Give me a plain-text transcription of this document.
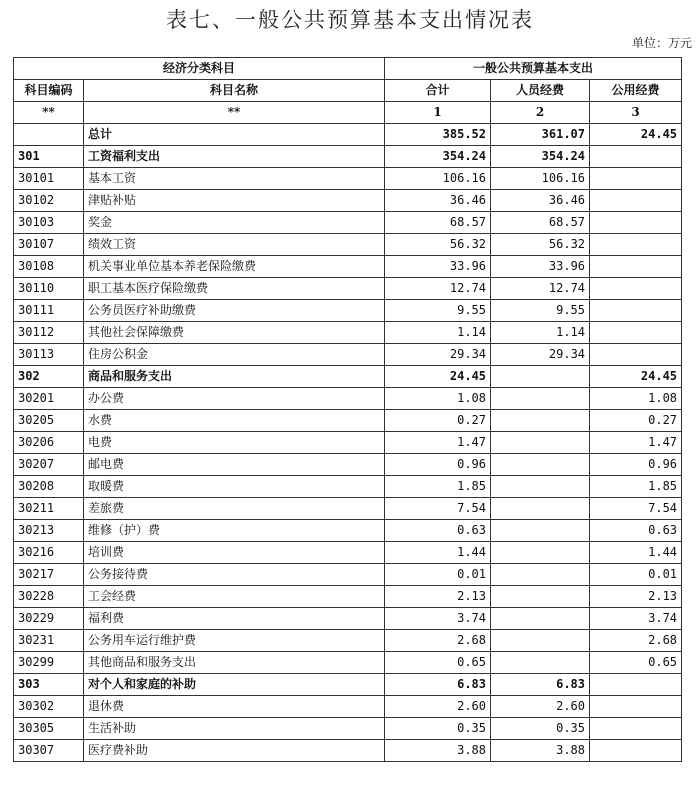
表七、一般公共预算基本支出情况表
单位：万元
经济分类科目		一般公共预算基本支出		
科目编码	科目名称	合计	人员经费	公用经费
**	**	1	2	3
	总计	385.52	361.07	24.45
301	工资福利支出	354.24	354.24	
30101	基本工资	106.16	106.16	
30102	津贴补贴	36.46	36.46	
30103	奖金	68.57	68.57	
30107	绩效工资	56.32	56.32	
30108	机关事业单位基本养老保险缴费	33.96	33.96	
30110	职工基本医疗保险缴费	12.74	12.74	
30111	公务员医疗补助缴费	9.55	9.55	
30112	其他社会保障缴费	1.14	1.14	
30113	住房公积金	29.34	29.34	
302	商品和服务支出	24.45		24.45
30201	办公费	1.08		1.08
30205	水费	0.27		0.27
30206	电费	1.47		1.47
30207	邮电费	0.96		0.96
30208	取暖费	1.85		1.85
30211	差旅费	7.54		7.54
30213	维修（护）费	0.63		0.63
30216	培训费	1.44		1.44
30217	公务接待费	0.01		0.01
30228	工会经费	2.13		2.13
30229	福利费	3.74		3.74
30231	公务用车运行维护费	2.68		2.68
30299	其他商品和服务支出	0.65		0.65
303	对个人和家庭的补助	6.83	6.83	
30302	退休费	2.60	2.60	
30305	生活补助	0.35	0.35	
30307	医疗费补助	3.88	3.88	
